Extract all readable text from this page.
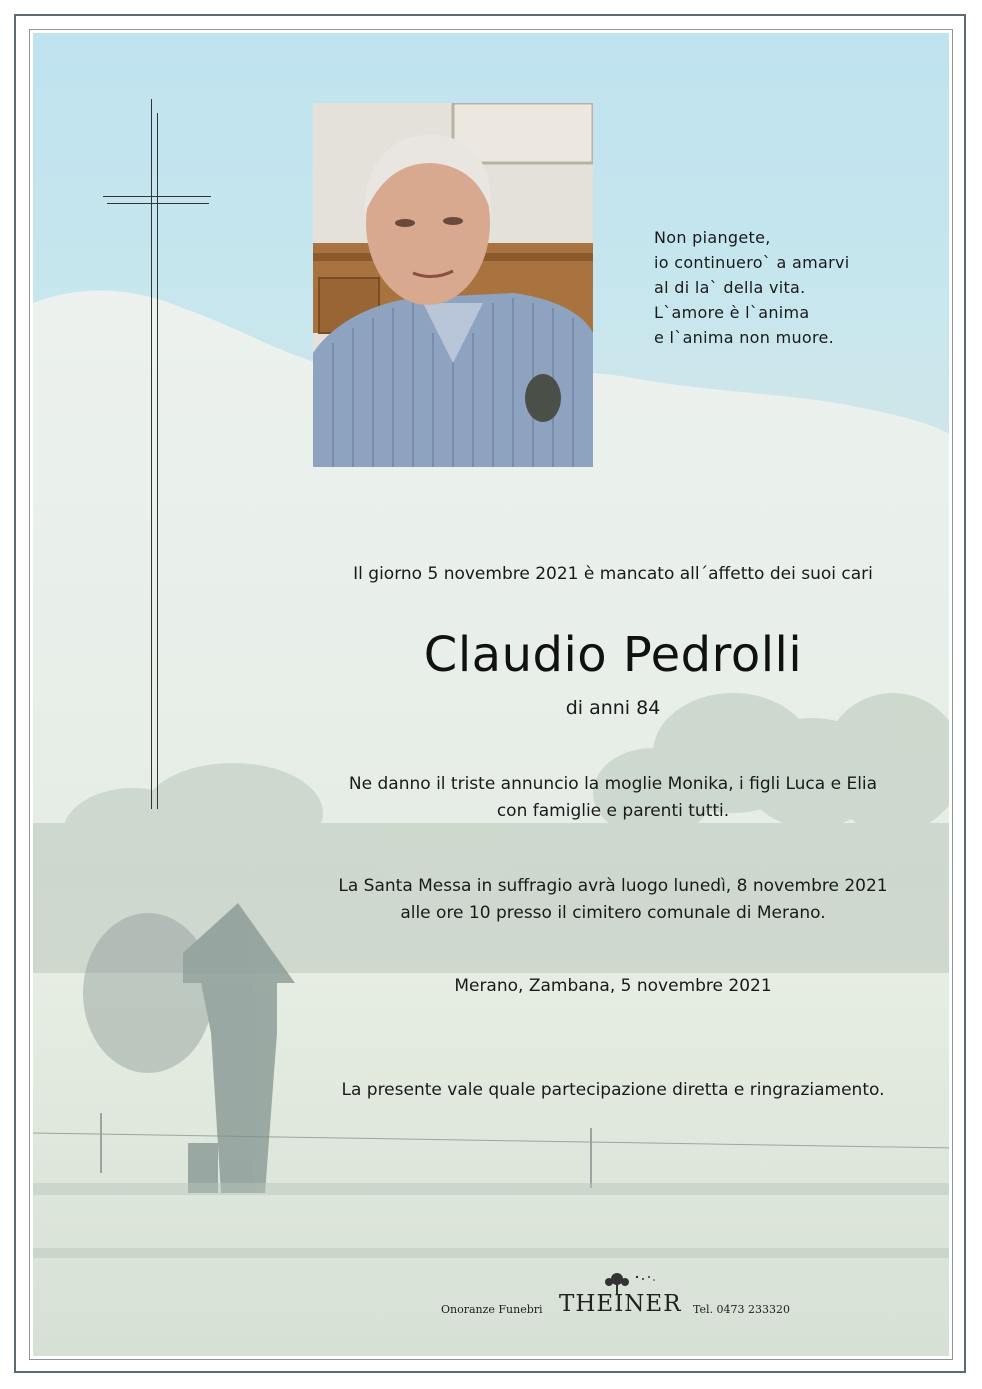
Non piangete,
io continuero` a amarvi
al di la` della vita.
L`amore è l`anima
e l`anima non muore.
Il giorno 5 novembre 2021 è mancato all´affetto dei suoi cari
Claudio Pedrolli
di anni 84
Ne danno il triste annuncio la moglie Monika, i figli Luca e Elia
con famiglie e parenti tutti.
La Santa Messa in suffragio avrà luogo lunedì, 8 novembre 2021
alle ore 10 presso il cimitero comunale di Merano.
Merano, Zambana, 5 novembre 2021
La presente vale quale partecipazione diretta e ringraziamento.
Onoranze Funebri THEINER Tel. 0473 233320
